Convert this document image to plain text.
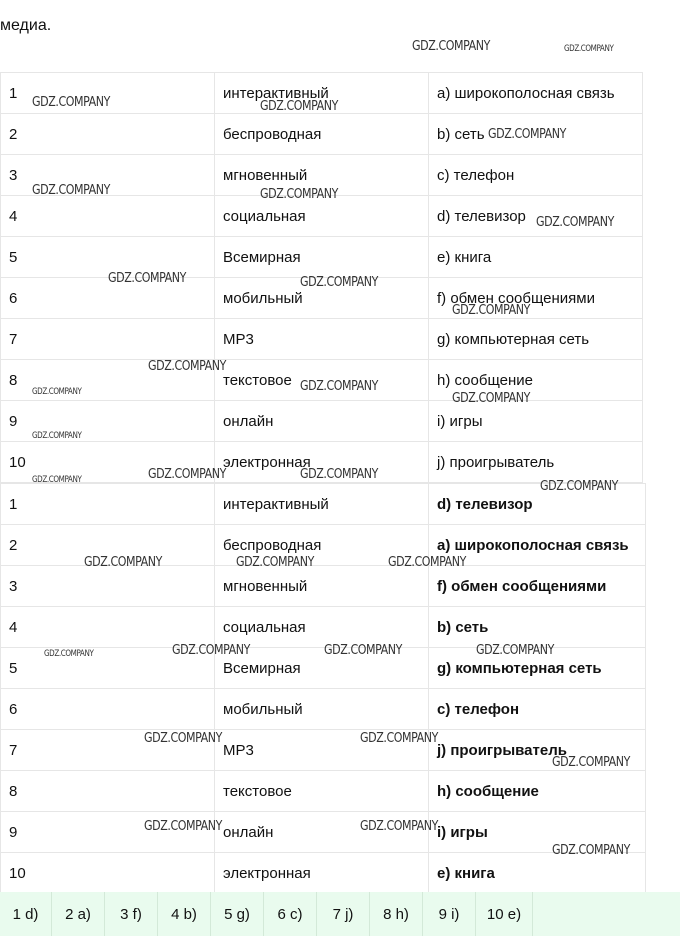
медиа.
1	интерактивный	a) широкополосная связь
2	беспроводная	b) сеть
3	мгновенный	c) телефон
4	социальная	d) телевизор
5	Всемирная	e) книга
6	мобильный	f) обмен сообщениями
7	MP3	g) компьютерная сеть
8	текстовое	h) сообщение
9	онлайн	i) игры
10	электронная	j) проигрыватель
1	интерактивный	d) телевизор
2	беспроводная	a) широкополосная связь
3	мгновенный	f) обмен сообщениями
4	социальная	b) сеть
5	Всемирная	g) компьютерная сеть
6	мобильный	c) телефон
7	MP3	j) проигрыватель
8	текстовое	h) сообщение
9	онлайн	i) игры
10	электронная	e) книга
1 d)	2 a)	3 f)	4 b)	5 g)	6 c)	7 j)	8 h)	9 i)	10 e)
GDZ.COMPANY	GDZ.COMPANY
GDZ.COMPANY	GDZ.COMPANY
GDZ.COMPANY
GDZ.COMPANY	GDZ.COMPANY
GDZ.COMPANY
GDZ.COMPANY	GDZ.COMPANY
GDZ.COMPANY
GDZ.COMPANY
GDZ.COMPANY
GDZ.COMPANY	GDZ.COMPANY
GDZ.COMPANY
GDZ.COMPANY	GDZ.COMPANY
GDZ.COMPANY	GDZ.COMPANY
GDZ.COMPANY	GDZ.COMPANY	GDZ.COMPANY
GDZ.COMPANY	GDZ.COMPANY	GDZ.COMPANY	GDZ.COMPANY
GDZ.COMPANY	GDZ.COMPANY
GDZ.COMPANY
GDZ.COMPANY	GDZ.COMPANY
GDZ.COMPANY
